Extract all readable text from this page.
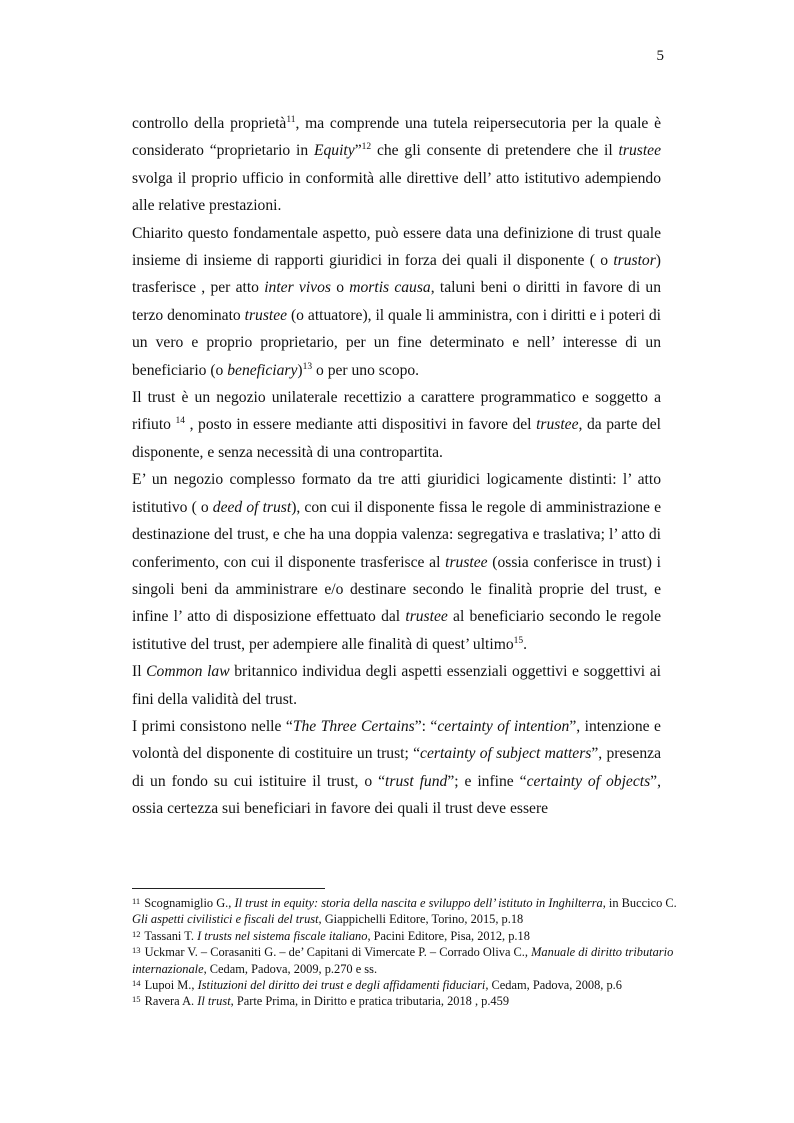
5

controllo della proprietà$^{11}$, ma comprende una tutela reipersecutoria per la quale è considerato “proprietario in Equity”$^{12}$ che gli consente di pretendere che il trustee svolga il proprio ufficio in conformità alle direttive dell’ atto istitutivo adempiendo alle relative prestazioni.

Chiarito questo fondamentale aspetto, può essere data una definizione di trust quale insieme di insieme di rapporti giuridici in forza dei quali il disponente ( o trustor) trasferisce , per atto inter vivos o mortis causa, taluni beni o diritti in favore di un terzo denominato trustee (o attuatore), il quale li amministra, con i diritti e i poteri di un vero e proprio proprietario, per un fine determinato e nell’ interesse di un beneficiario (o beneficiary)$^{13}$ o per uno scopo.

Il trust è un negozio unilaterale recettizio a carattere programmatico e soggetto a rifiuto $^{14}$ , posto in essere mediante atti dispositivi in favore del trustee, da parte del disponente, e senza necessità di una contropartita.

E’ un negozio complesso formato da tre atti giuridici logicamente distinti: l’ atto istitutivo ( o deed of trust), con cui il disponente fissa le regole di amministrazione e destinazione del trust, e che ha una doppia valenza: segregativa e traslativa; l’ atto di conferimento, con cui il disponente trasferisce al trustee (ossia conferisce in trust) i singoli beni da amministrare e/o destinare secondo le finalità proprie del trust, e infine l’ atto di disposizione effettuato dal trustee al beneficiario secondo le regole istitutive del trust, per adempiere alle finalità di quest’ ultimo$^{15}$.

Il Common law britannico individua degli aspetti essenziali oggettivi e soggettivi ai fini della validità del trust.

I primi consistono nelle “The Three Certains”: “certainty of intention”, intenzione e volontà del disponente di costituire un trust; “certainty of subject matters”, presenza di un fondo su cui istituire il trust, o “trust fund”; e infine “certainty of objects”, ossia certezza sui beneficiari in favore dei quali il trust deve essere

$^{11}$ Scognamiglio G., Il trust in equity: storia della nascita e sviluppo dell’ istituto in Inghilterra, in Buccico C. Gli aspetti civilistici e fiscali del trust, Giappichelli Editore, Torino, 2015, p.18

$^{12}$ Tassani T. I trusts nel sistema fiscale italiano, Pacini Editore, Pisa, 2012, p.18

$^{13}$ Uckmar V. – Corasaniti G. – de’ Capitani di Vimercate P. – Corrado Oliva C., Manuale di diritto tributario internazionale, Cedam, Padova, 2009, p.270 e ss.

$^{14}$ Lupoi M., Istituzioni del diritto dei trust e degli affidamenti fiduciari, Cedam, Padova, 2008, p.6

$^{15}$ Ravera A. Il trust, Parte Prima, in Diritto e pratica tributaria, 2018 , p.459
